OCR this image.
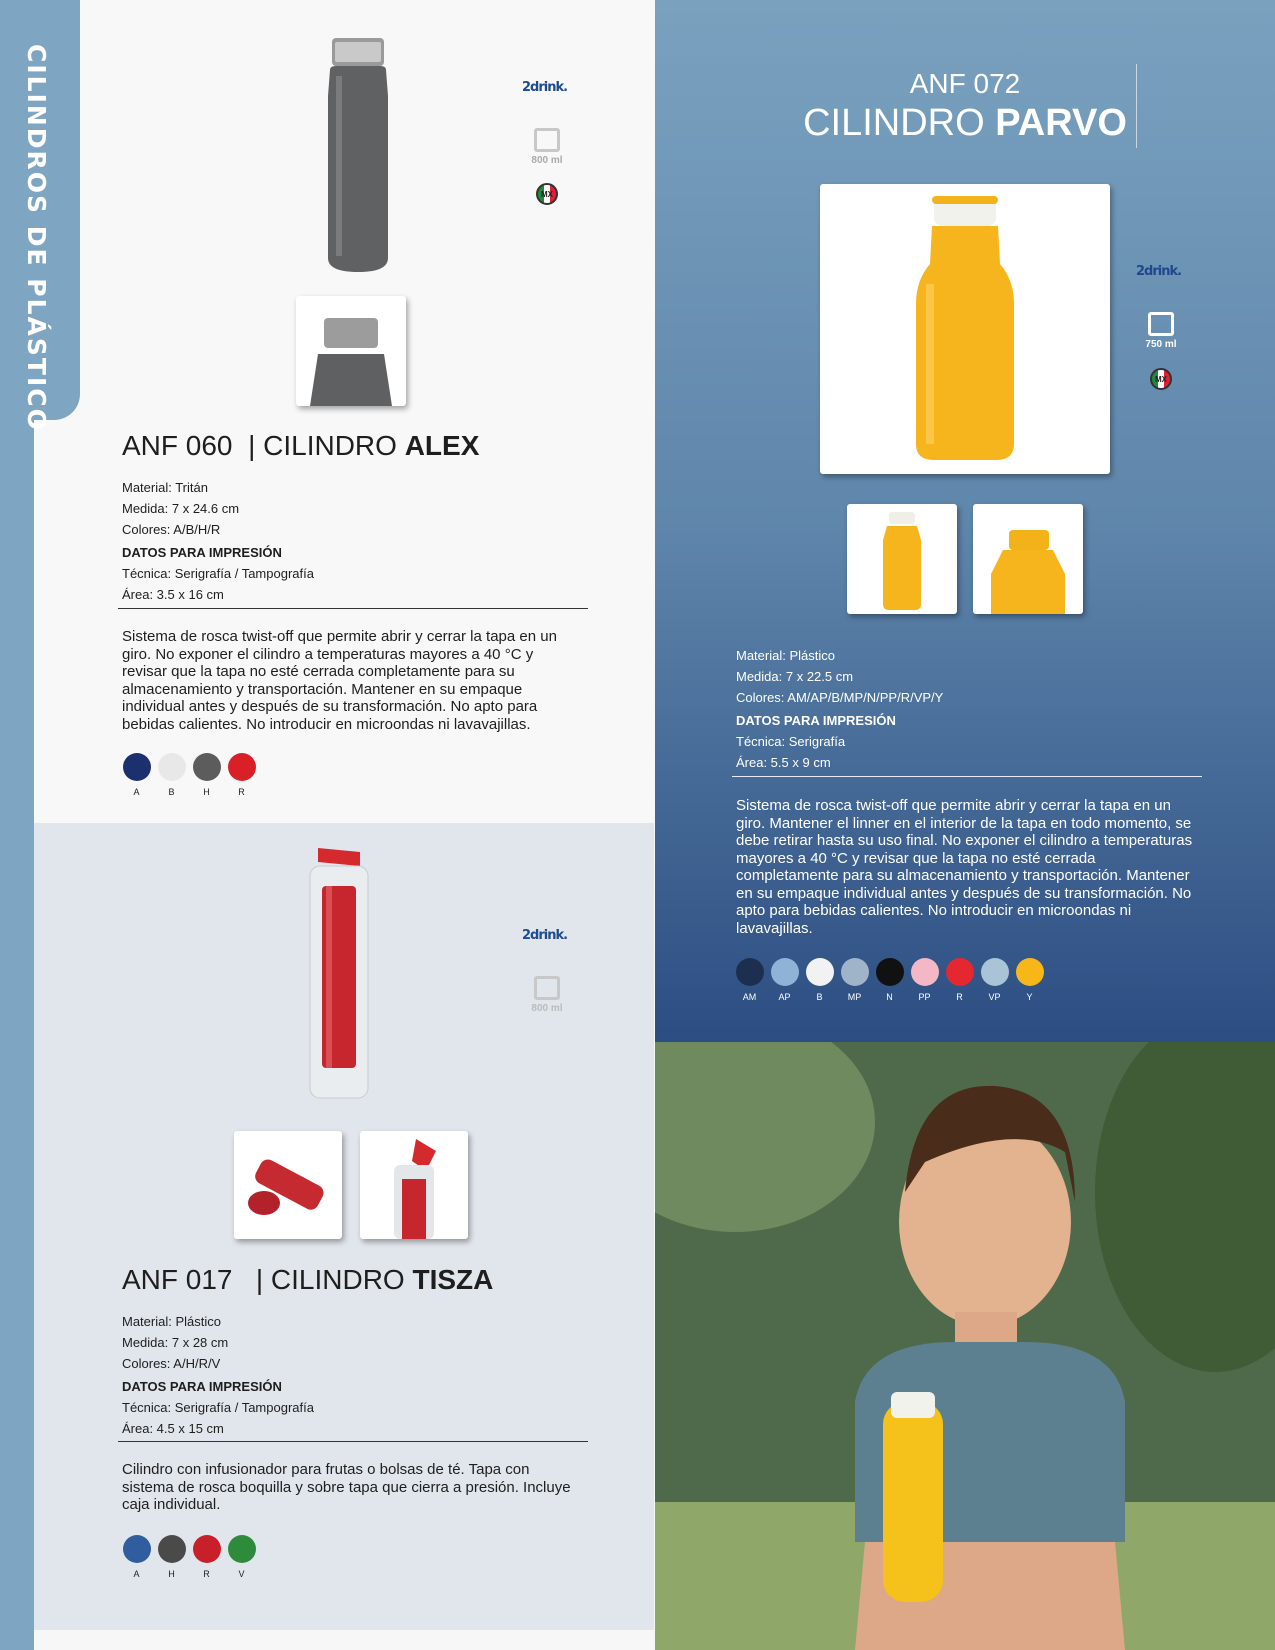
CILINDROS DE PLÁSTICO	2drink.
800 ml
MX
ANF 060 | CILINDRO ALEX
Material: Tritán
Medida: 7 x 24.6 cm
Colores: A/B/H/R
DATOS PARA IMPRESIÓN
Técnica: Serigrafía / Tampografía
Área: 3.5 x 16 cm
Sistema de rosca twist-off que permite abrir y cerrar la tapa en un giro. No exponer el cilindro a temperaturas mayores a 40 °C y revisar que la tapa no esté cerrada completamente para su almacenamiento y transportación. Mantener en su empaque individual antes y después de su transformación. No apto para bebidas calientes. No introducir en microondas ni lavavajillas.
A	B	H	R
2drink.
800 ml
ANF 017 | CILINDRO TISZA
Material: Plástico
Medida: 7 x 28 cm
Colores: A/H/R/V
DATOS PARA IMPRESIÓN
Técnica: Serigrafía / Tampografía
Área: 4.5 x 15 cm
Cilindro con infusionador para frutas o bolsas de té. Tapa con sistema de rosca boquilla y sobre tapa que cierra a presión. Incluye caja individual.
A	H	R	V
ANF 072
CILINDRO PARVO
2drink.
750 ml
MX
Material: Plástico
Medida: 7 x 22.5 cm
Colores: AM/AP/B/MP/N/PP/R/VP/Y
DATOS PARA IMPRESIÓN
Técnica: Serigrafía
Área: 5.5 x 9 cm
Sistema de rosca twist-off que permite abrir y cerrar la tapa en un giro. Mantener el linner en el interior de la tapa en todo momento, se debe retirar hasta su uso final. No exponer el cilindro a temperaturas mayores a 40 °C y revisar que la tapa no esté cerrada completamente para su almacenamiento y transportación. Mantener en su empaque individual antes y después de su transformación. No apto para bebidas calientes. No introducir en microondas ni lavavajillas.
AM AP	B	MP	N	PP	R	VP	Y
